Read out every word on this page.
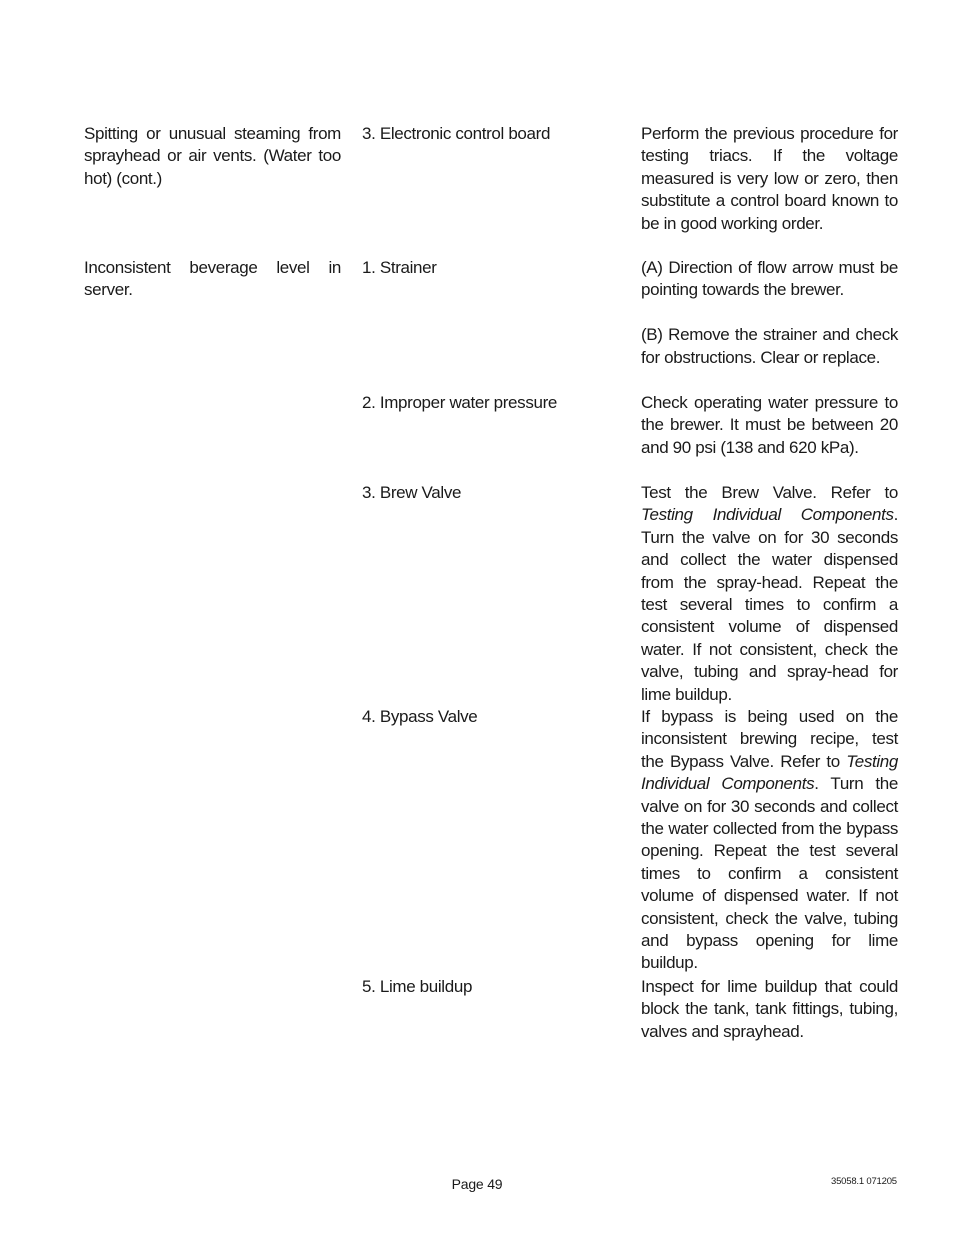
Spitting or unusual steaming from sprayhead or air vents. (Water too hot) (cont.)
3. Electronic control board	Perform the previous procedure for testing triacs. If the voltage measured is very low or zero, then substitute a control board known to be in good working order.

Inconsistent beverage level in server.
1. Strainer	(A) Direction of flow arrow must be pointing towards the brewer.

(B) Remove the strainer and check for obstructions. Clear or replace.

2. Improper water pressure	Check operating water pressure to the brewer. It must be between 20 and 90 psi (138 and 620 kPa).

3. Brew Valve	Test the Brew Valve. Refer to Testing Individual Components. Turn the valve on for 30 seconds and collect the water dispensed from the spray-head. Repeat the test several times to confirm a consistent volume of dispensed water. If not consistent, check the valve, tubing and spray-head for lime buildup.

4. Bypass Valve	If bypass is being used on the inconsistent brewing recipe, test the Bypass Valve. Refer to Testing Individual Components. Turn the valve on for 30 seconds and collect the water collected from the bypass opening. Repeat the test several times to confirm a consistent volume of dispensed water. If not consistent, check the valve, tubing and bypass opening for lime buildup.

5. Lime buildup	Inspect for lime buildup that could block the tank, tank fittings, tubing, valves and sprayhead.

Page 49	35058.1 071205
